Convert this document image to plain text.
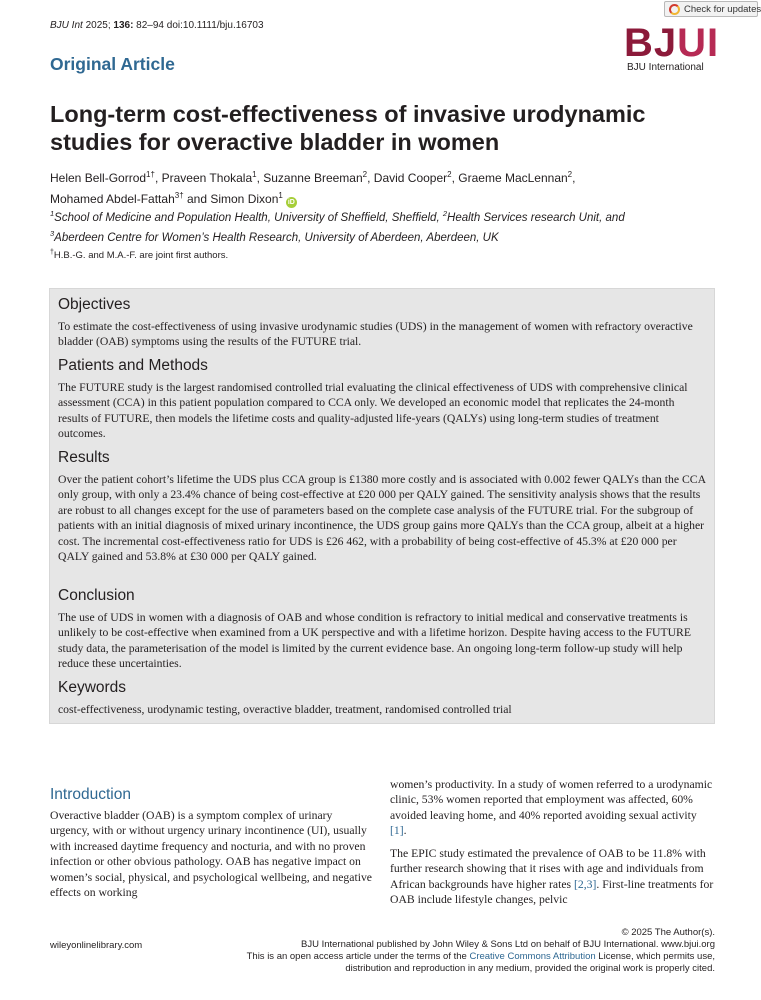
BJU Int 2025; 136: 82–94 doi:10.1111/bju.16703
Check for updates
BJUI
BJU International
Original Article
Long-term cost-effectiveness of invasive urodynamic studies for overactive bladder in women
Helen Bell-Gorrod$^{1\dagger}$, Praveen Thokala$^1$, Suzanne Breeman$^2$, David Cooper$^2$, Graeme MacLennan$^2$,
Mohamed Abdel-Fattah$^{3\dagger}$ and Simon Dixon$^1$iD
$^1$School of Medicine and Population Health, University of Sheffield, Sheffield, $^2$Health Services research Unit, and
$^3$Aberdeen Centre for Women’s Health Research, University of Aberdeen, Aberdeen, UK
†H.B.-G. and M.A.-F. are joint first authors.
Objectives
To estimate the cost-effectiveness of using invasive urodynamic studies (UDS) in the management of women with refractory overactive bladder (OAB) symptoms using the results of the FUTURE trial.
Patients and Methods
The FUTURE study is the largest randomised controlled trial evaluating the clinical effectiveness of UDS with comprehensive clinical assessment (CCA) in this patient population compared to CCA only. We developed an economic model that replicates the 24-month results of FUTURE, then models the lifetime costs and quality-adjusted life-years (QALYs) using long-term studies of treatment outcomes.
Results
Over the patient cohort’s lifetime the UDS plus CCA group is £1380 more costly and is associated with 0.002 fewer QALYs than the CCA only group, with only a 23.4% chance of being cost-effective at £20 000 per QALY gained. The sensitivity analysis shows that the results are robust to all changes except for the use of parameters based on the complete case analysis of the FUTURE trial. For the subgroup of patients with an initial diagnosis of mixed urinary incontinence, the UDS group gains more QALYs than the CCA group, albeit at a higher cost. The incremental cost-effectiveness ratio for UDS is £26 462, with a probability of being cost-effective of 45.3% at £20 000 per QALY gained and 53.8% at £30 000 per QALY gained.
Conclusion
The use of UDS in women with a diagnosis of OAB and whose condition is refractory to initial medical and conservative treatments is unlikely to be cost-effective when examined from a UK perspective and with a lifetime horizon. Despite having access to the FUTURE study data, the parameterisation of the model is limited by the current evidence base. An ongoing long-term follow-up study will help reduce these uncertainties.
Keywords
cost-effectiveness, urodynamic testing, overactive bladder, treatment, randomised controlled trial
Introduction
Overactive bladder (OAB) is a symptom complex of urinary urgency, with or without urgency urinary incontinence (UI), usually with increased daytime frequency and nocturia, and with no proven infection or other obvious pathology. OAB has negative impact on women’s social, physical, and psychological wellbeing, and negative effects on working
women’s productivity. In a study of women referred to a urodynamic clinic, 53% women reported that employment was affected, 60% avoided leaving home, and 40% reported avoiding sexual activity [1].
The EPIC study estimated the prevalence of OAB to be 11.8% with further research showing that it rises with age and individuals from African backgrounds have higher rates [2,3]. First-line treatments for OAB include lifestyle changes, pelvic
wileyonlinelibrary.com
© 2025 The Author(s).
BJU International published by John Wiley & Sons Ltd on behalf of BJU International. www.bjui.org
This is an open access article under the terms of the Creative Commons Attribution License, which permits use,
distribution and reproduction in any medium, provided the original work is properly cited.
